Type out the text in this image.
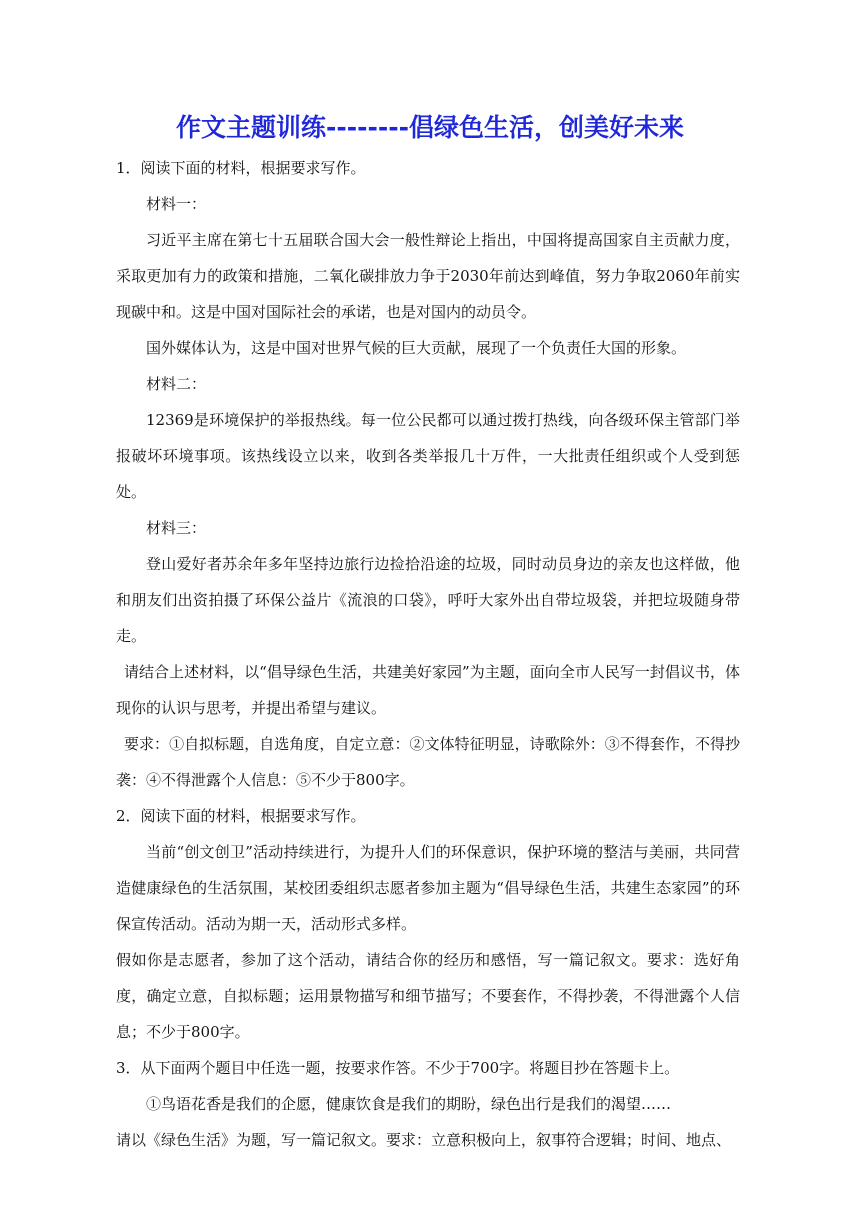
作文主题训练--------倡绿色生活，创美好未来

1．阅读下面的材料，根据要求写作。

材料一：

习近平主席在第七十五届联合国大会一般性辩论上指出，中国将提高国家自主贡献力度，采取更加有力的政策和措施，二氧化碳排放力争于2030年前达到峰值，努力争取2060年前实现碳中和。这是中国对国际社会的承诺，也是对国内的动员令。

国外媒体认为，这是中国对世界气候的巨大贡献，展现了一个负责任大国的形象。

材料二：

12369是环境保护的举报热线。每一位公民都可以通过拨打热线，向各级环保主管部门举报破坏环境事项。该热线设立以来，收到各类举报几十万件，一大批责任组织或个人受到惩处。

材料三：

登山爱好者苏余年多年坚持边旅行边捡拾沿途的垃圾，同时动员身边的亲友也这样做，他和朋友们出资拍摄了环保公益片《流浪的口袋》，呼吁大家外出自带垃圾袋，并把垃圾随身带走。

请结合上述材料，以“倡导绿色生活，共建美好家园”为主题，面向全市人民写一封倡议书，体现你的认识与思考，并提出希望与建议。

要求：①自拟标题，自选角度，自定立意：②文体特征明显，诗歌除外：③不得套作，不得抄袭：④不得泄露个人信息：⑤不少于800字。

2．阅读下面的材料，根据要求写作。

当前“创文创卫”活动持续进行，为提升人们的环保意识，保护环境的整洁与美丽，共同营造健康绿色的生活氛围，某校团委组织志愿者参加主题为“倡导绿色生活，共建生态家园”的环保宣传活动。活动为期一天，活动形式多样。

假如你是志愿者，参加了这个活动，请结合你的经历和感悟，写一篇记叙文。要求：选好角度，确定立意，自拟标题；运用景物描写和细节描写；不要套作，不得抄袭，不得泄露个人信息；不少于800字。

3．从下面两个题目中任选一题，按要求作答。不少于700字。将题目抄在答题卡上。

①鸟语花香是我们的企愿，健康饮食是我们的期盼，绿色出行是我们的渴望……

请以《绿色生活》为题，写一篇记叙文。要求：立意积极向上，叙事符合逻辑；时间、地点、
